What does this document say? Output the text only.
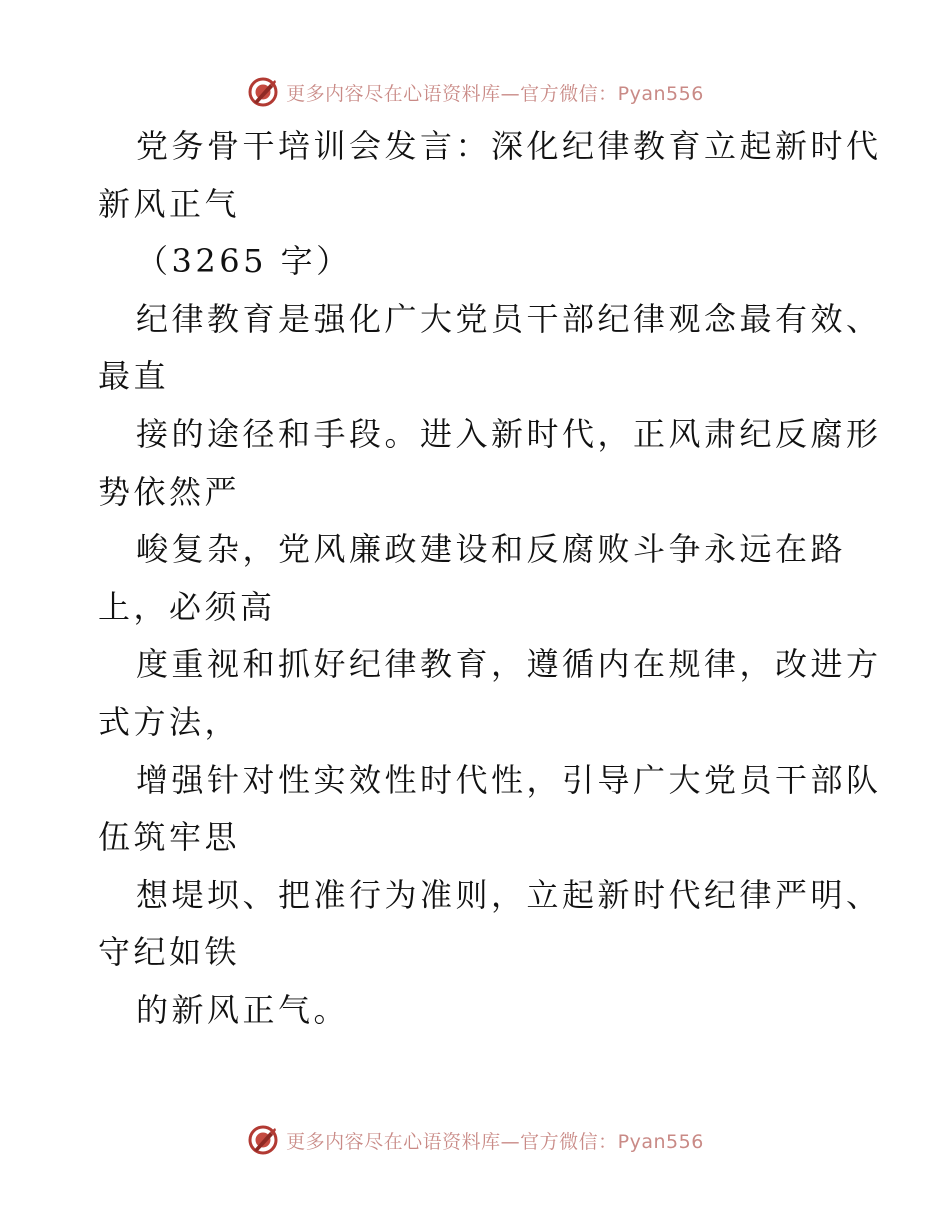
更多内容尽在心语资料库—官方微信：Pyan556
党务骨干培训会发言：深化纪律教育立起新时代
新风正气
（3265 字）
纪律教育是强化广大党员干部纪律观念最有效、
最直
接的途径和手段。进入新时代，正风肃纪反腐形
势依然严
峻复杂，党风廉政建设和反腐败斗争永远在路
上，必须高
度重视和抓好纪律教育，遵循内在规律，改进方
式方法，
增强针对性实效性时代性，引导广大党员干部队
伍筑牢思
想堤坝、把准行为准则，立起新时代纪律严明、
守纪如铁
的新风正气。
更多内容尽在心语资料库—官方微信：Pyan556
